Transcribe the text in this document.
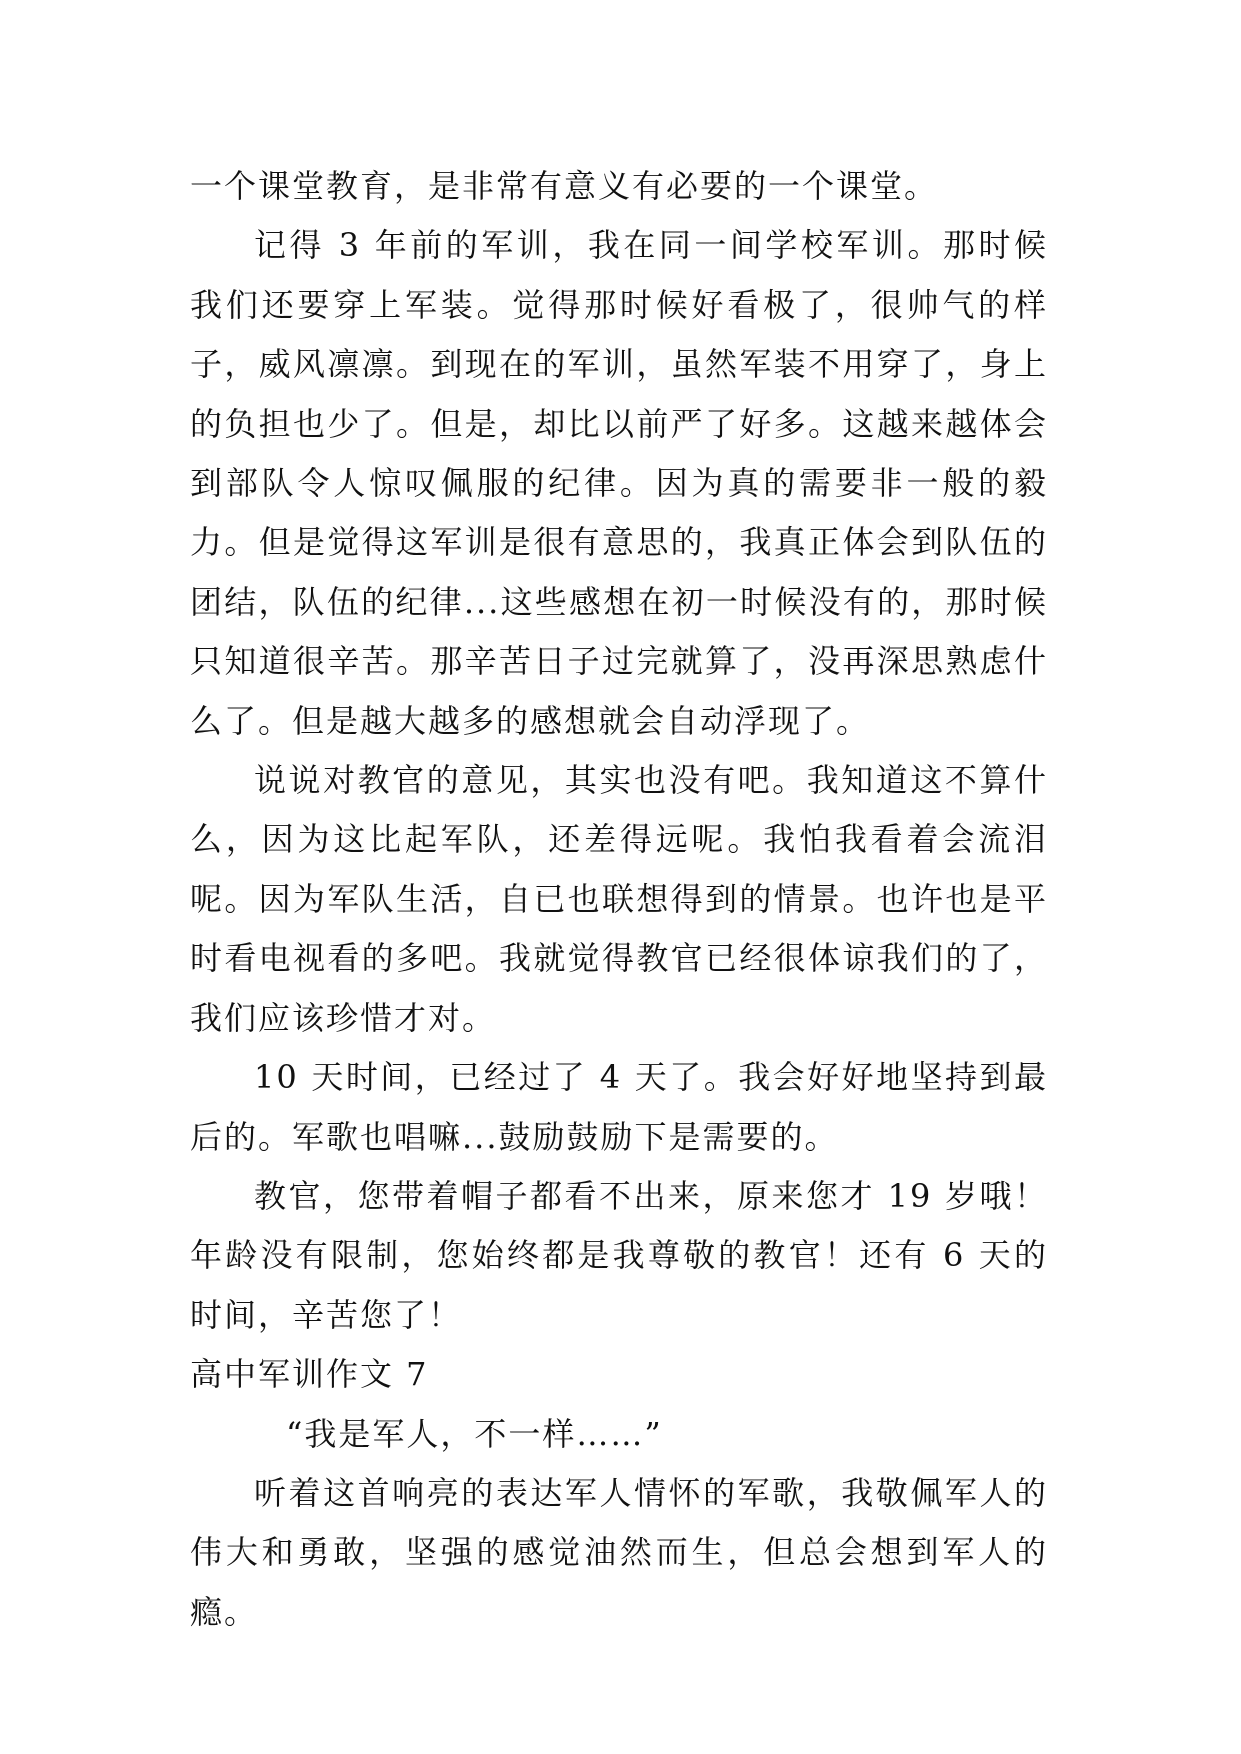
一个课堂教育，是非常有意义有必要的一个课堂。

记得 3 年前的军训，我在同一间学校军训。那时候我们还要穿上军装。觉得那时候好看极了，很帅气的样子，威风凛凛。到现在的军训，虽然军装不用穿了，身上的负担也少了。但是，却比以前严了好多。这越来越体会到部队令人惊叹佩服的纪律。因为真的需要非一般的毅力。但是觉得这军训是很有意思的，我真正体会到队伍的团结，队伍的纪律...这些感想在初一时候没有的，那时候只知道很辛苦。那辛苦日子过完就算了，没再深思熟虑什么了。但是越大越多的感想就会自动浮现了。

说说对教官的意见，其实也没有吧。我知道这不算什么，因为这比起军队，还差得远呢。我怕我看着会流泪呢。因为军队生活，自已也联想得到的情景。也许也是平时看电视看的多吧。我就觉得教官已经很体谅我们的了，我们应该珍惜才对。

10 天时间，已经过了 4 天了。我会好好地坚持到最后的。军歌也唱嘛...鼓励鼓励下是需要的。

教官，您带着帽子都看不出来，原来您才 19 岁哦！年龄没有限制，您始终都是我尊敬的教官！还有 6 天的时间，辛苦您了！

高中军训作文 7

“我是军人，不一样……”

听着这首响亮的表达军人情怀的军歌，我敬佩军人的伟大和勇敢，坚强的感觉油然而生，但总会想到军人的瘾。
